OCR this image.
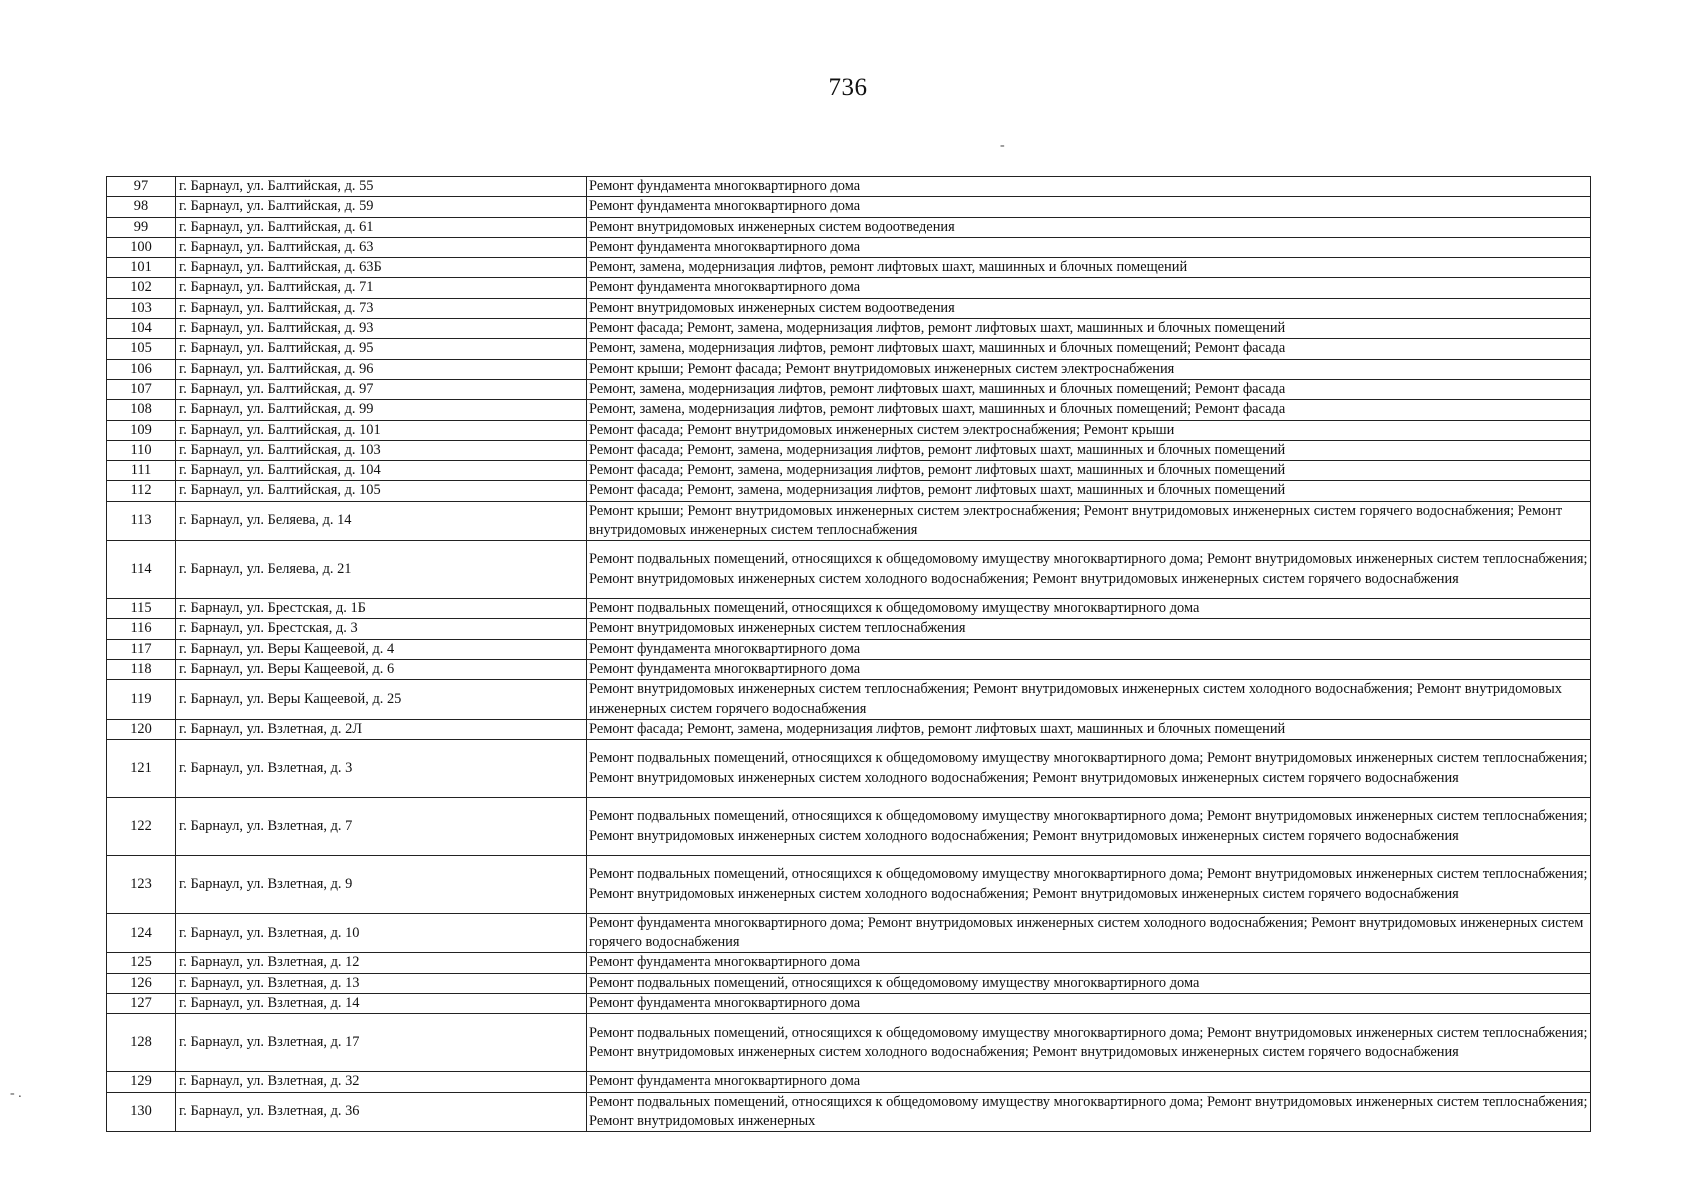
736
-
- .
97	г. Барнаул, ул. Балтийская, д. 55	Ремонт фундамента многоквартирного дома
98	г. Барнаул, ул. Балтийская, д. 59	Ремонт фундамента многоквартирного дома
99	г. Барнаул, ул. Балтийская, д. 61	Ремонт внутридомовых инженерных систем водоотведения
100	г. Барнаул, ул. Балтийская, д. 63	Ремонт фундамента многоквартирного дома
101	г. Барнаул, ул. Балтийская, д. 63Б	Ремонт, замена, модернизация лифтов, ремонт лифтовых шахт, машинных и блочных помещений
102	г. Барнаул, ул. Балтийская, д. 71	Ремонт фундамента многоквартирного дома
103	г. Барнаул, ул. Балтийская, д. 73	Ремонт внутридомовых инженерных систем водоотведения
104	г. Барнаул, ул. Балтийская, д. 93	Ремонт фасада; Ремонт, замена, модернизация лифтов, ремонт лифтовых шахт, машинных и блочных помещений
105	г. Барнаул, ул. Балтийская, д. 95	Ремонт, замена, модернизация лифтов, ремонт лифтовых шахт, машинных и блочных помещений; Ремонт фасада
106	г. Барнаул, ул. Балтийская, д. 96	Ремонт крыши; Ремонт фасада; Ремонт внутридомовых инженерных систем электроснабжения
107	г. Барнаул, ул. Балтийская, д. 97	Ремонт, замена, модернизация лифтов, ремонт лифтовых шахт, машинных и блочных помещений; Ремонт фасада
108	г. Барнаул, ул. Балтийская, д. 99	Ремонт, замена, модернизация лифтов, ремонт лифтовых шахт, машинных и блочных помещений; Ремонт фасада
109	г. Барнаул, ул. Балтийская, д. 101	Ремонт фасада; Ремонт внутридомовых инженерных систем электроснабжения; Ремонт крыши
110	г. Барнаул, ул. Балтийская, д. 103	Ремонт фасада; Ремонт, замена, модернизация лифтов, ремонт лифтовых шахт, машинных и блочных помещений
111	г. Барнаул, ул. Балтийская, д. 104	Ремонт фасада; Ремонт, замена, модернизация лифтов, ремонт лифтовых шахт, машинных и блочных помещений
112	г. Барнаул, ул. Балтийская, д. 105	Ремонт фасада; Ремонт, замена, модернизация лифтов, ремонт лифтовых шахт, машинных и блочных помещений
113	г. Барнаул, ул. Беляева, д. 14	Ремонт крыши; Ремонт внутридомовых инженерных систем электроснабжения; Ремонт внутридомовых инженерных систем горячего водоснабжения; Ремонт внутридомовых инженерных систем теплоснабжения
114	г. Барнаул, ул. Беляева, д. 21	Ремонт подвальных помещений, относящихся к общедомовому имуществу многоквартирного дома; Ремонт внутридомовых инженерных систем теплоснабжения; Ремонт внутридомовых инженерных систем холодного водоснабжения; Ремонт внутридомовых инженерных систем горячего водоснабжения
115	г. Барнаул, ул. Брестская, д. 1Б	Ремонт подвальных помещений, относящихся к общедомовому имуществу многоквартирного дома
116	г. Барнаул, ул. Брестская, д. 3	Ремонт внутридомовых инженерных систем теплоснабжения
117	г. Барнаул, ул. Веры Кащеевой, д. 4	Ремонт фундамента многоквартирного дома
118	г. Барнаул, ул. Веры Кащеевой, д. 6	Ремонт фундамента многоквартирного дома
119	г. Барнаул, ул. Веры Кащеевой, д. 25	Ремонт внутридомовых инженерных систем теплоснабжения; Ремонт внутридомовых инженерных систем холодного водоснабжения; Ремонт внутридомовых инженерных систем горячего водоснабжения
120	г. Барнаул, ул. Взлетная, д. 2Л	Ремонт фасада; Ремонт, замена, модернизация лифтов, ремонт лифтовых шахт, машинных и блочных помещений
121	г. Барнаул, ул. Взлетная, д. 3	Ремонт подвальных помещений, относящихся к общедомовому имуществу многоквартирного дома; Ремонт внутридомовых инженерных систем теплоснабжения; Ремонт внутридомовых инженерных систем холодного водоснабжения; Ремонт внутридомовых инженерных систем горячего водоснабжения
122	г. Барнаул, ул. Взлетная, д. 7	Ремонт подвальных помещений, относящихся к общедомовому имуществу многоквартирного дома; Ремонт внутридомовых инженерных систем теплоснабжения; Ремонт внутридомовых инженерных систем холодного водоснабжения; Ремонт внутридомовых инженерных систем горячего водоснабжения
123	г. Барнаул, ул. Взлетная, д. 9	Ремонт подвальных помещений, относящихся к общедомовому имуществу многоквартирного дома; Ремонт внутридомовых инженерных систем теплоснабжения; Ремонт внутридомовых инженерных систем холодного водоснабжения; Ремонт внутридомовых инженерных систем горячего водоснабжения
124	г. Барнаул, ул. Взлетная, д. 10	Ремонт фундамента многоквартирного дома; Ремонт внутридомовых инженерных систем холодного водоснабжения; Ремонт внутридомовых инженерных систем горячего водоснабжения
125	г. Барнаул, ул. Взлетная, д. 12	Ремонт фундамента многоквартирного дома
126	г. Барнаул, ул. Взлетная, д. 13	Ремонт подвальных помещений, относящихся к общедомовому имуществу многоквартирного дома
127	г. Барнаул, ул. Взлетная, д. 14	Ремонт фундамента многоквартирного дома
128	г. Барнаул, ул. Взлетная, д. 17	Ремонт подвальных помещений, относящихся к общедомовому имуществу многоквартирного дома; Ремонт внутридомовых инженерных систем теплоснабжения; Ремонт внутридомовых инженерных систем холодного водоснабжения; Ремонт внутридомовых инженерных систем горячего водоснабжения
129	г. Барнаул, ул. Взлетная, д. 32	Ремонт фундамента многоквартирного дома
130	г. Барнаул, ул. Взлетная, д. 36	Ремонт подвальных помещений, относящихся к общедомовому имуществу многоквартирного дома; Ремонт внутридомовых инженерных систем теплоснабжения; Ремонт внутридомовых инженерных
